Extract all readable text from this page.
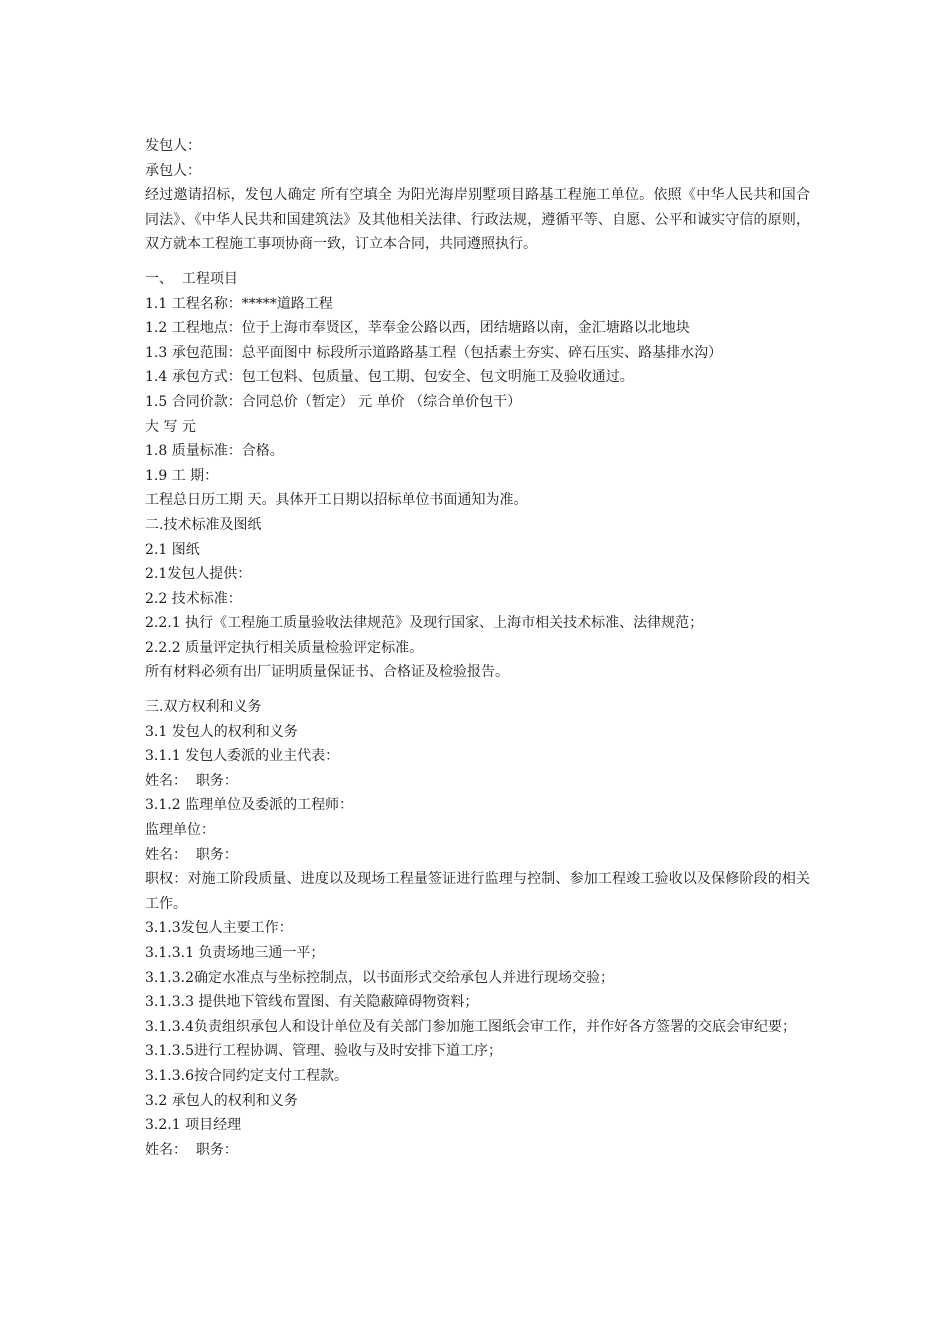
发包人：
承包人：
经过邀请招标，发包人确定 所有空填全 为阳光海岸别墅项目路基工程施工单位。依照《中华人民共和国合同法》、《中华人民共和国建筑法》及其他相关法律、行政法规，遵循平等、自愿、公平和诚实守信的原则，双方就本工程施工事项协商一致，订立本合同，共同遵照执行。
一、  工程项目
1.1 工程名称：*****道路工程
1.2 工程地点：位于上海市奉贤区，莘奉金公路以西，团结塘路以南，金汇塘路以北地块
1.3 承包范围：总平面图中 标段所示道路路基工程（包括素土夯实、碎石压实、路基排水沟）
1.4 承包方式：包工包料、包质量、包工期、包安全、包文明施工及验收通过。
1.5 合同价款：合同总价（暂定） 元 单价 （综合单价包干）
大 写 元
1.8 质量标准：合格。
1.9 工 期：
工程总日历工期 天。具体开工日期以招标单位书面通知为准。
二.技术标准及图纸
2.1 图纸
2.1发包人提供：
2.2 技术标准：
2.2.1 执行《工程施工质量验收法律规范》及现行国家、上海市相关技术标准、法律规范；
2.2.2 质量评定执行相关质量检验评定标准。
所有材料必须有出厂证明质量保证书、合格证及检验报告。
三.双方权利和义务
3.1 发包人的权利和义务
3.1.1 发包人委派的业主代表：
姓名：  职务：
3.1.2 监理单位及委派的工程师：
监理单位：
姓名：  职务：
职权：对施工阶段质量、进度以及现场工程量签证进行监理与控制、参加工程竣工验收以及保修阶段的相关工作。
3.1.3发包人主要工作：
3.1.3.1 负责场地三通一平；
3.1.3.2确定水准点与坐标控制点，以书面形式交给承包人并进行现场交验；
3.1.3.3 提供地下管线布置图、有关隐蔽障碍物资料；
3.1.3.4负责组织承包人和设计单位及有关部门参加施工图纸会审工作，并作好各方签署的交底会审纪要；
3.1.3.5进行工程协调、管理、验收与及时安排下道工序；
3.1.3.6按合同约定支付工程款。
3.2 承包人的权利和义务
3.2.1 项目经理
姓名：  职务：
